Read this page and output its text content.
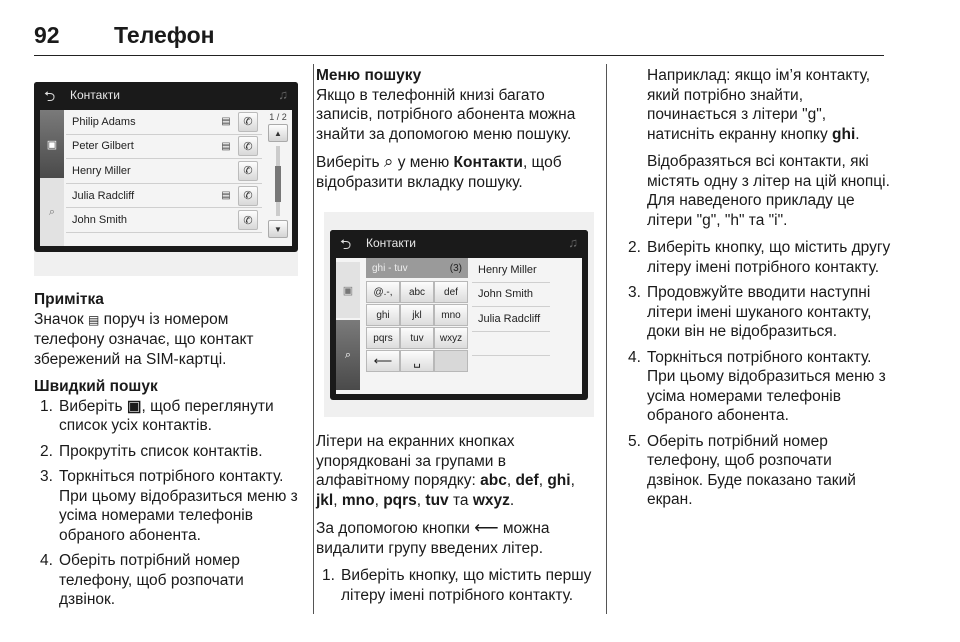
92 Телефон
⮌ Контакти	♫
▣
⌕
Philip Adams	▤ ✆
Peter Gilbert	▤ ✆
Henry Miller	✆
Julia Radcliff	▤ ✆
John Smith	✆
1 / 2
▲
▼
Примітка

Значок ▤ поруч із номером телефону означає, що контакт збережений на SIM-картці.

Швидкий пошук
1. Виберіть ▣, щоб переглянути список усіх контактів.
2. Прокрутіть список контактів.
3. Торкніться потрібного контакту. При цьому відобразиться меню з усіма номерами телефонів обраного абонента.
4. Оберіть потрібний номер телефону, щоб розпочати дзвінок.
Меню пошуку

Якщо в телефонній книзі багато записів, потрібного абонента можна знайти за допомогою меню пошуку.

Виберіть ⌕ у меню Контакти, щоб відобразити вкладку пошуку.

⮌ Контакти	♫
▣
⌕
ghi - tuv	(3)
@.-,	abc	def
ghi	jkl	mno
pqrs	tuv	wxyz
⟵ ␣
Henry Miller
John Smith
Julia Radcliff

Літери на екранних кнопках упорядковані за групами в алфавітному порядку: abc, def, ghi, jkl, mno, pqrs, tuv та wxyz.

За допомогою кнопки ⟵ можна видалити групу введених літер.

1. Виберіть кнопку, що містить першу літеру імені потрібного контакту.

Наприклад: якщо ім’я контакту, який потрібно знайти, починається з літери "g", натисніть екранну кнопку ghi.

Відобразяться всі контакти, які містять одну з літер на цій кнопці. Для наведеного прикладу це літери "g", "h" та "i".

2. Виберіть кнопку, що містить другу літеру імені потрібного контакту.
3. Продовжуйте вводити наступні літери імені шуканого контакту, доки він не відобразиться.
4. Торкніться потрібного контакту. При цьому відобразиться меню з усіма номерами телефонів обраного абонента.
5. Оберіть потрібний номер телефону, щоб розпочати дзвінок. Буде показано такий екран.
